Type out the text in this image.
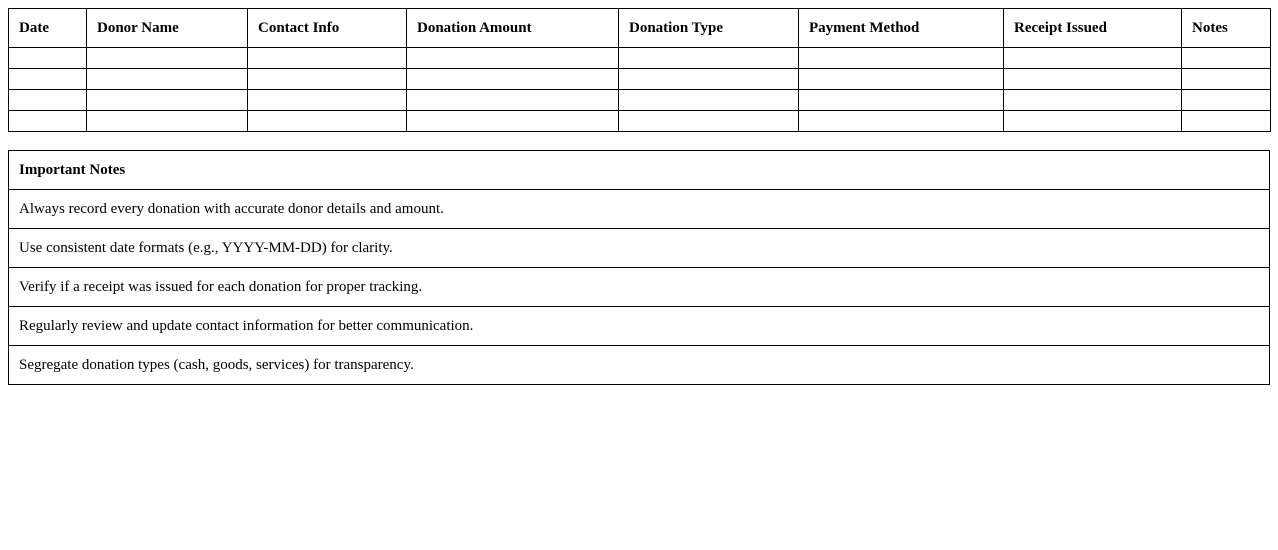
Date	Donor Name	Contact Info	Donation Amount	Donation Type	Payment Method	Receipt Issued	Notes

Important Notes
Always record every donation with accurate donor details and amount.
Use consistent date formats (e.g., YYYY-MM-DD) for clarity.
Verify if a receipt was issued for each donation for proper tracking.
Regularly review and update contact information for better communication.
Segregate donation types (cash, goods, services) for transparency.
